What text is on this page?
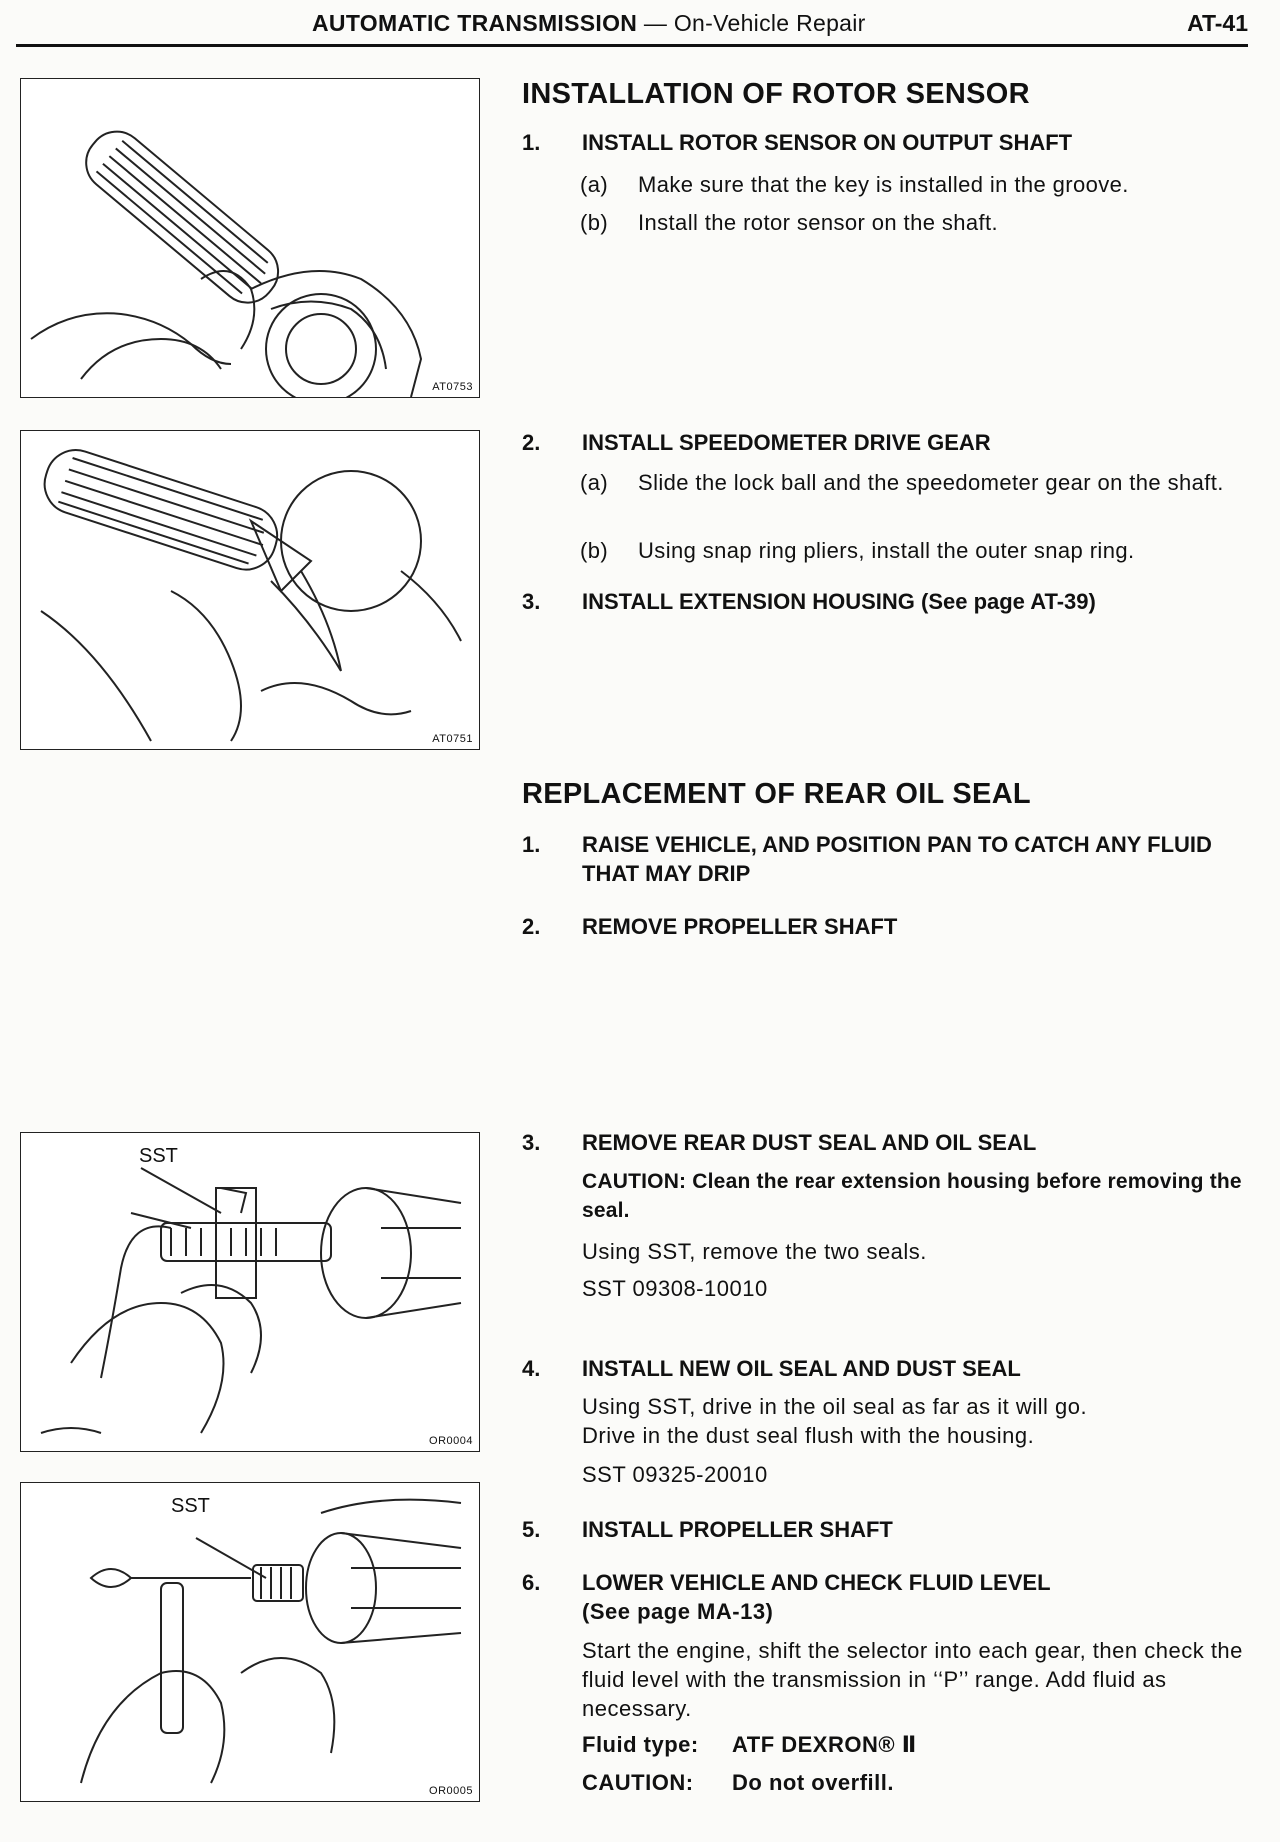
AUTOMATIC TRANSMISSION — On-Vehicle Repair	AT-41
AT0753
AT0751
SST
OR0004
SST
OR0005
INSTALLATION OF ROTOR SENSOR
1. INSTALL ROTOR SENSOR ON OUTPUT SHAFT
(a) Make sure that the key is installed in the groove.
(b) Install the rotor sensor on the shaft.
2. INSTALL SPEEDOMETER DRIVE GEAR
(a) Slide the lock ball and the speedometer gear on the shaft.
(b) Using snap ring pliers, install the outer snap ring.
3. INSTALL EXTENSION HOUSING (See page AT-39)
REPLACEMENT OF REAR OIL SEAL
1. RAISE VEHICLE, AND POSITION PAN TO CATCH ANY FLUID THAT MAY DRIP
2. REMOVE PROPELLER SHAFT
3. REMOVE REAR DUST SEAL AND OIL SEAL
CAUTION: Clean the rear extension housing before removing the seal.
Using SST, remove the two seals.
SST 09308-10010
4. INSTALL NEW OIL SEAL AND DUST SEAL
Using SST, drive in the oil seal as far as it will go.
Drive in the dust seal flush with the housing.
SST 09325-20010
5. INSTALL PROPELLER SHAFT
6. LOWER VEHICLE AND CHECK FLUID LEVEL
(See page MA-13)
Start the engine, shift the selector into each gear, then check the fluid level with the transmission in ‘‘P’’ range. Add fluid as necessary.
Fluid type: ATF DEXRON® Ⅱ
CAUTION: Do not overfill.
